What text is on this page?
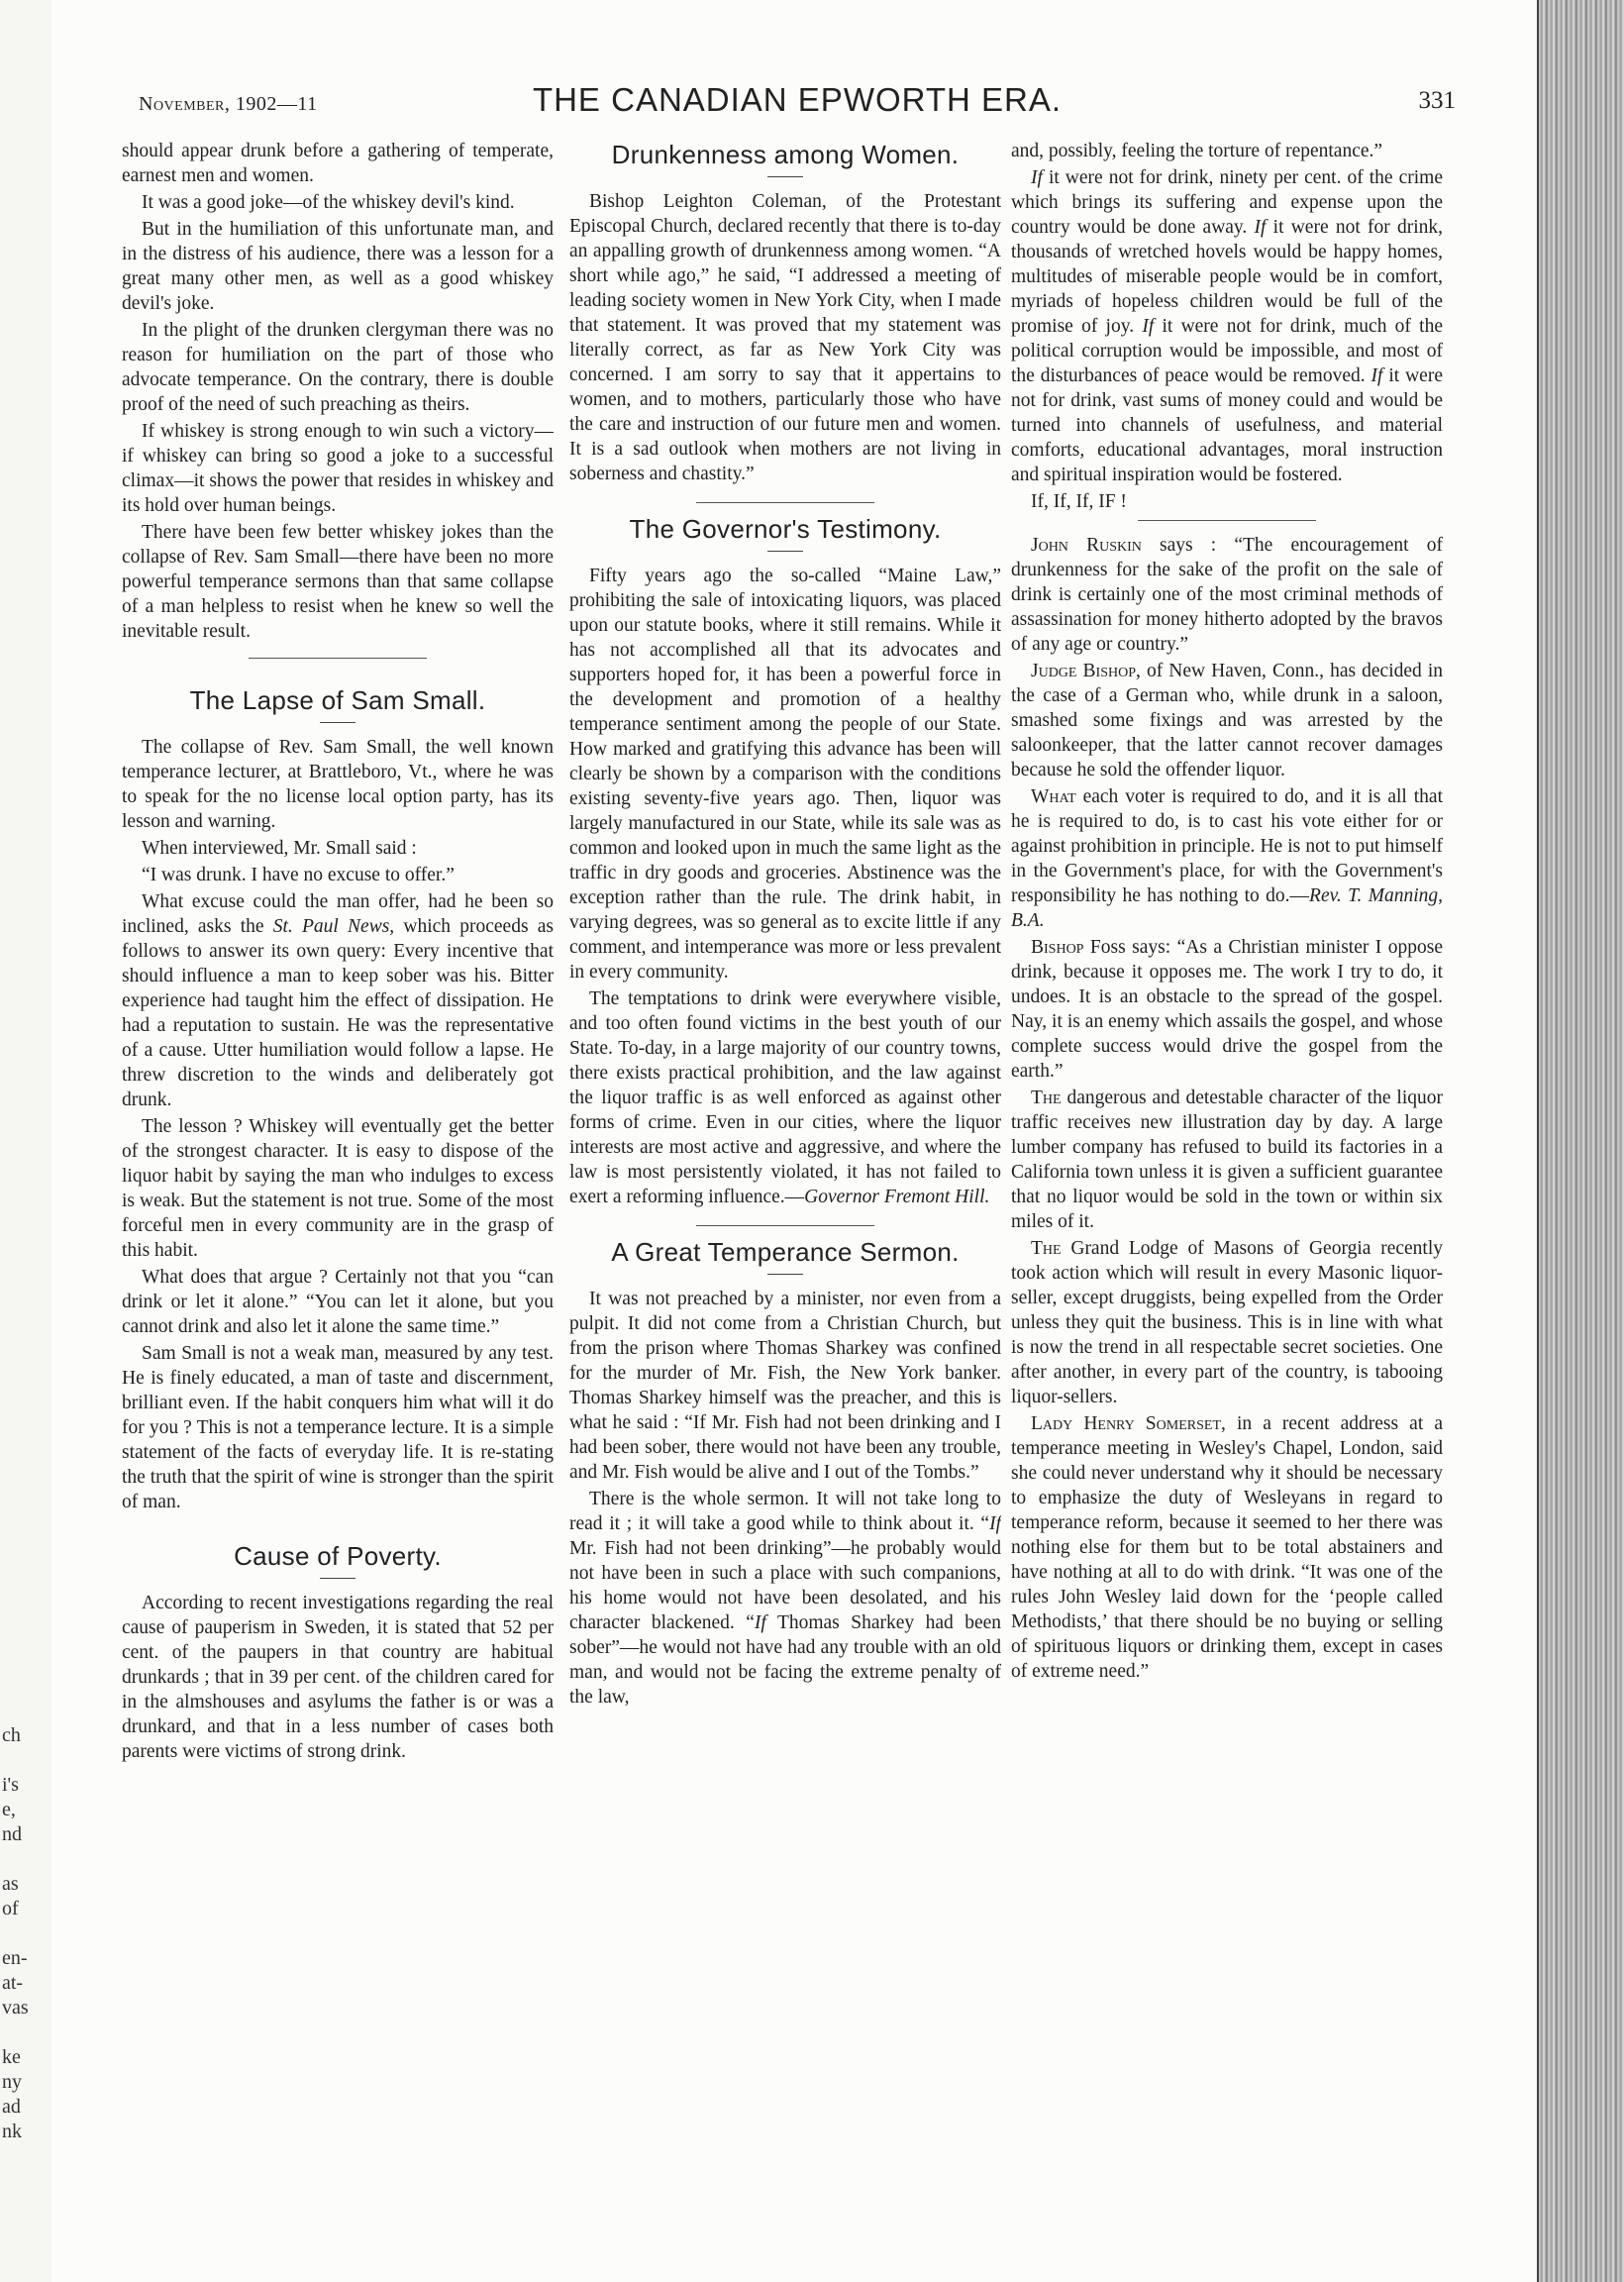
ch

i's
e,
nd

as
of

en-
at-
vas

ke
ny
ad
nk
November, 1902—11	THE CANADIAN EPWORTH ERA.	331

should appear drunk before a gathering of temperate, earnest men and women.

It was a good joke—of the whiskey devil's kind.

But in the humiliation of this unfortunate man, and in the distress of his audience, there was a lesson for a great many other men, as well as a good whiskey devil's joke.

In the plight of the drunken clergyman there was no reason for humiliation on the part of those who advocate temperance. On the contrary, there is double proof of the need of such preaching as theirs.

If whiskey is strong enough to win such a victory—if whiskey can bring so good a joke to a successful climax—it shows the power that resides in whiskey and its hold over human beings.

There have been few better whiskey jokes than the collapse of Rev. Sam Small—there have been no more powerful temperance sermons than that same collapse of a man helpless to resist when he knew so well the inevitable result.

The Lapse of Sam Small.

The collapse of Rev. Sam Small, the well known temperance lecturer, at Brattleboro, Vt., where he was to speak for the no license local option party, has its lesson and warning.

When interviewed, Mr. Small said :

“I was drunk. I have no excuse to offer.”

What excuse could the man offer, had he been so inclined, asks the St. Paul News, which proceeds as follows to answer its own query: Every incentive that should influence a man to keep sober was his. Bitter experience had taught him the effect of dissipation. He had a reputation to sustain. He was the representative of a cause. Utter humiliation would follow a lapse. He threw discretion to the winds and deliberately got drunk.

The lesson ? Whiskey will eventually get the better of the strongest character. It is easy to dispose of the liquor habit by saying the man who indulges to excess is weak. But the statement is not true. Some of the most forceful men in every community are in the grasp of this habit.

What does that argue ? Certainly not that you “can drink or let it alone.” “You can let it alone, but you cannot drink and also let it alone the same time.”

Sam Small is not a weak man, measured by any test. He is finely educated, a man of taste and discernment, brilliant even. If the habit conquers him what will it do for you ? This is not a temperance lecture. It is a simple statement of the facts of everyday life. It is re-stating the truth that the spirit of wine is stronger than the spirit of man.

Cause of Poverty.

According to recent investigations regarding the real cause of pauperism in Sweden, it is stated that 52 per cent. of the paupers in that country are habitual drunkards ; that in 39 per cent. of the children cared for in the almshouses and asylums the father is or was a drunkard, and that in a less number of cases both parents were victims of strong drink.

Drunkenness among Women.

Bishop Leighton Coleman, of the Protestant Episcopal Church, declared recently that there is to-day an appalling growth of drunkenness among women. “A short while ago,” he said, “I addressed a meeting of leading society women in New York City, when I made that statement. It was proved that my statement was literally correct, as far as New York City was concerned. I am sorry to say that it appertains to women, and to mothers, particularly those who have the care and instruction of our future men and women. It is a sad outlook when mothers are not living in soberness and chastity.”

The Governor's Testimony.

Fifty years ago the so-called “Maine Law,” prohibiting the sale of intoxicating liquors, was placed upon our statute books, where it still remains. While it has not accomplished all that its advocates and supporters hoped for, it has been a powerful force in the development and promotion of a healthy temperance sentiment among the people of our State. How marked and gratifying this advance has been will clearly be shown by a comparison with the conditions existing seventy-five years ago. Then, liquor was largely manufactured in our State, while its sale was as common and looked upon in much the same light as the traffic in dry goods and groceries. Abstinence was the exception rather than the rule. The drink habit, in varying degrees, was so general as to excite little if any comment, and intemperance was more or less prevalent in every community.

The temptations to drink were everywhere visible, and too often found victims in the best youth of our State. To-day, in a large majority of our country towns, there exists practical prohibition, and the law against the liquor traffic is as well enforced as against other forms of crime. Even in our cities, where the liquor interests are most active and aggressive, and where the law is most persistently violated, it has not failed to exert a reforming influence.—Governor Fremont Hill.

A Great Temperance Sermon.

It was not preached by a minister, nor even from a pulpit. It did not come from a Christian Church, but from the prison where Thomas Sharkey was confined for the murder of Mr. Fish, the New York banker. Thomas Sharkey himself was the preacher, and this is what he said : “If Mr. Fish had not been drinking and I had been sober, there would not have been any trouble, and Mr. Fish would be alive and I out of the Tombs.”

There is the whole sermon. It will not take long to read it ; it will take a good while to think about it. “If Mr. Fish had not been drinking”—he probably would not have been in such a place with such companions, his home would not have been desolated, and his character blackened. “If Thomas Sharkey had been sober”—he would not have had any trouble with an old man, and would not be facing the extreme penalty of the law,

and, possibly, feeling the torture of repentance.”

If it were not for drink, ninety per cent. of the crime which brings its suffering and expense upon the country would be done away. If it were not for drink, thousands of wretched hovels would be happy homes, multitudes of miserable people would be in comfort, myriads of hopeless children would be full of the promise of joy. If it were not for drink, much of the political corruption would be impossible, and most of the disturbances of peace would be removed. If it were not for drink, vast sums of money could and would be turned into channels of usefulness, and material comforts, educational advantages, moral instruction and spiritual inspiration would be fostered.

If, If, If, IF !

John Ruskin says : “The encouragement of drunkenness for the sake of the profit on the sale of drink is certainly one of the most criminal methods of assassination for money hitherto adopted by the bravos of any age or country.”

Judge Bishop, of New Haven, Conn., has decided in the case of a German who, while drunk in a saloon, smashed some fixings and was arrested by the saloonkeeper, that the latter cannot recover damages because he sold the offender liquor.

What each voter is required to do, and it is all that he is required to do, is to cast his vote either for or against prohibition in principle. He is not to put himself in the Government's place, for with the Government's responsibility he has nothing to do.—Rev. T. Manning, B.A.

Bishop Foss says: “As a Christian minister I oppose drink, because it opposes me. The work I try to do, it undoes. It is an obstacle to the spread of the gospel. Nay, it is an enemy which assails the gospel, and whose complete success would drive the gospel from the earth.”

The dangerous and detestable character of the liquor traffic receives new illustration day by day. A large lumber company has refused to build its factories in a California town unless it is given a sufficient guarantee that no liquor would be sold in the town or within six miles of it.

The Grand Lodge of Masons of Georgia recently took action which will result in every Masonic liquor-seller, except druggists, being expelled from the Order unless they quit the business. This is in line with what is now the trend in all respectable secret societies. One after another, in every part of the country, is tabooing liquor-sellers.

Lady Henry Somerset, in a recent address at a temperance meeting in Wesley's Chapel, London, said she could never understand why it should be necessary to emphasize the duty of Wesleyans in regard to temperance reform, because it seemed to her there was nothing else for them but to be total abstainers and have nothing at all to do with drink. “It was one of the rules John Wesley laid down for the ‘people called Methodists,’ that there should be no buying or selling of spirituous liquors or drinking them, except in cases of extreme need.”
